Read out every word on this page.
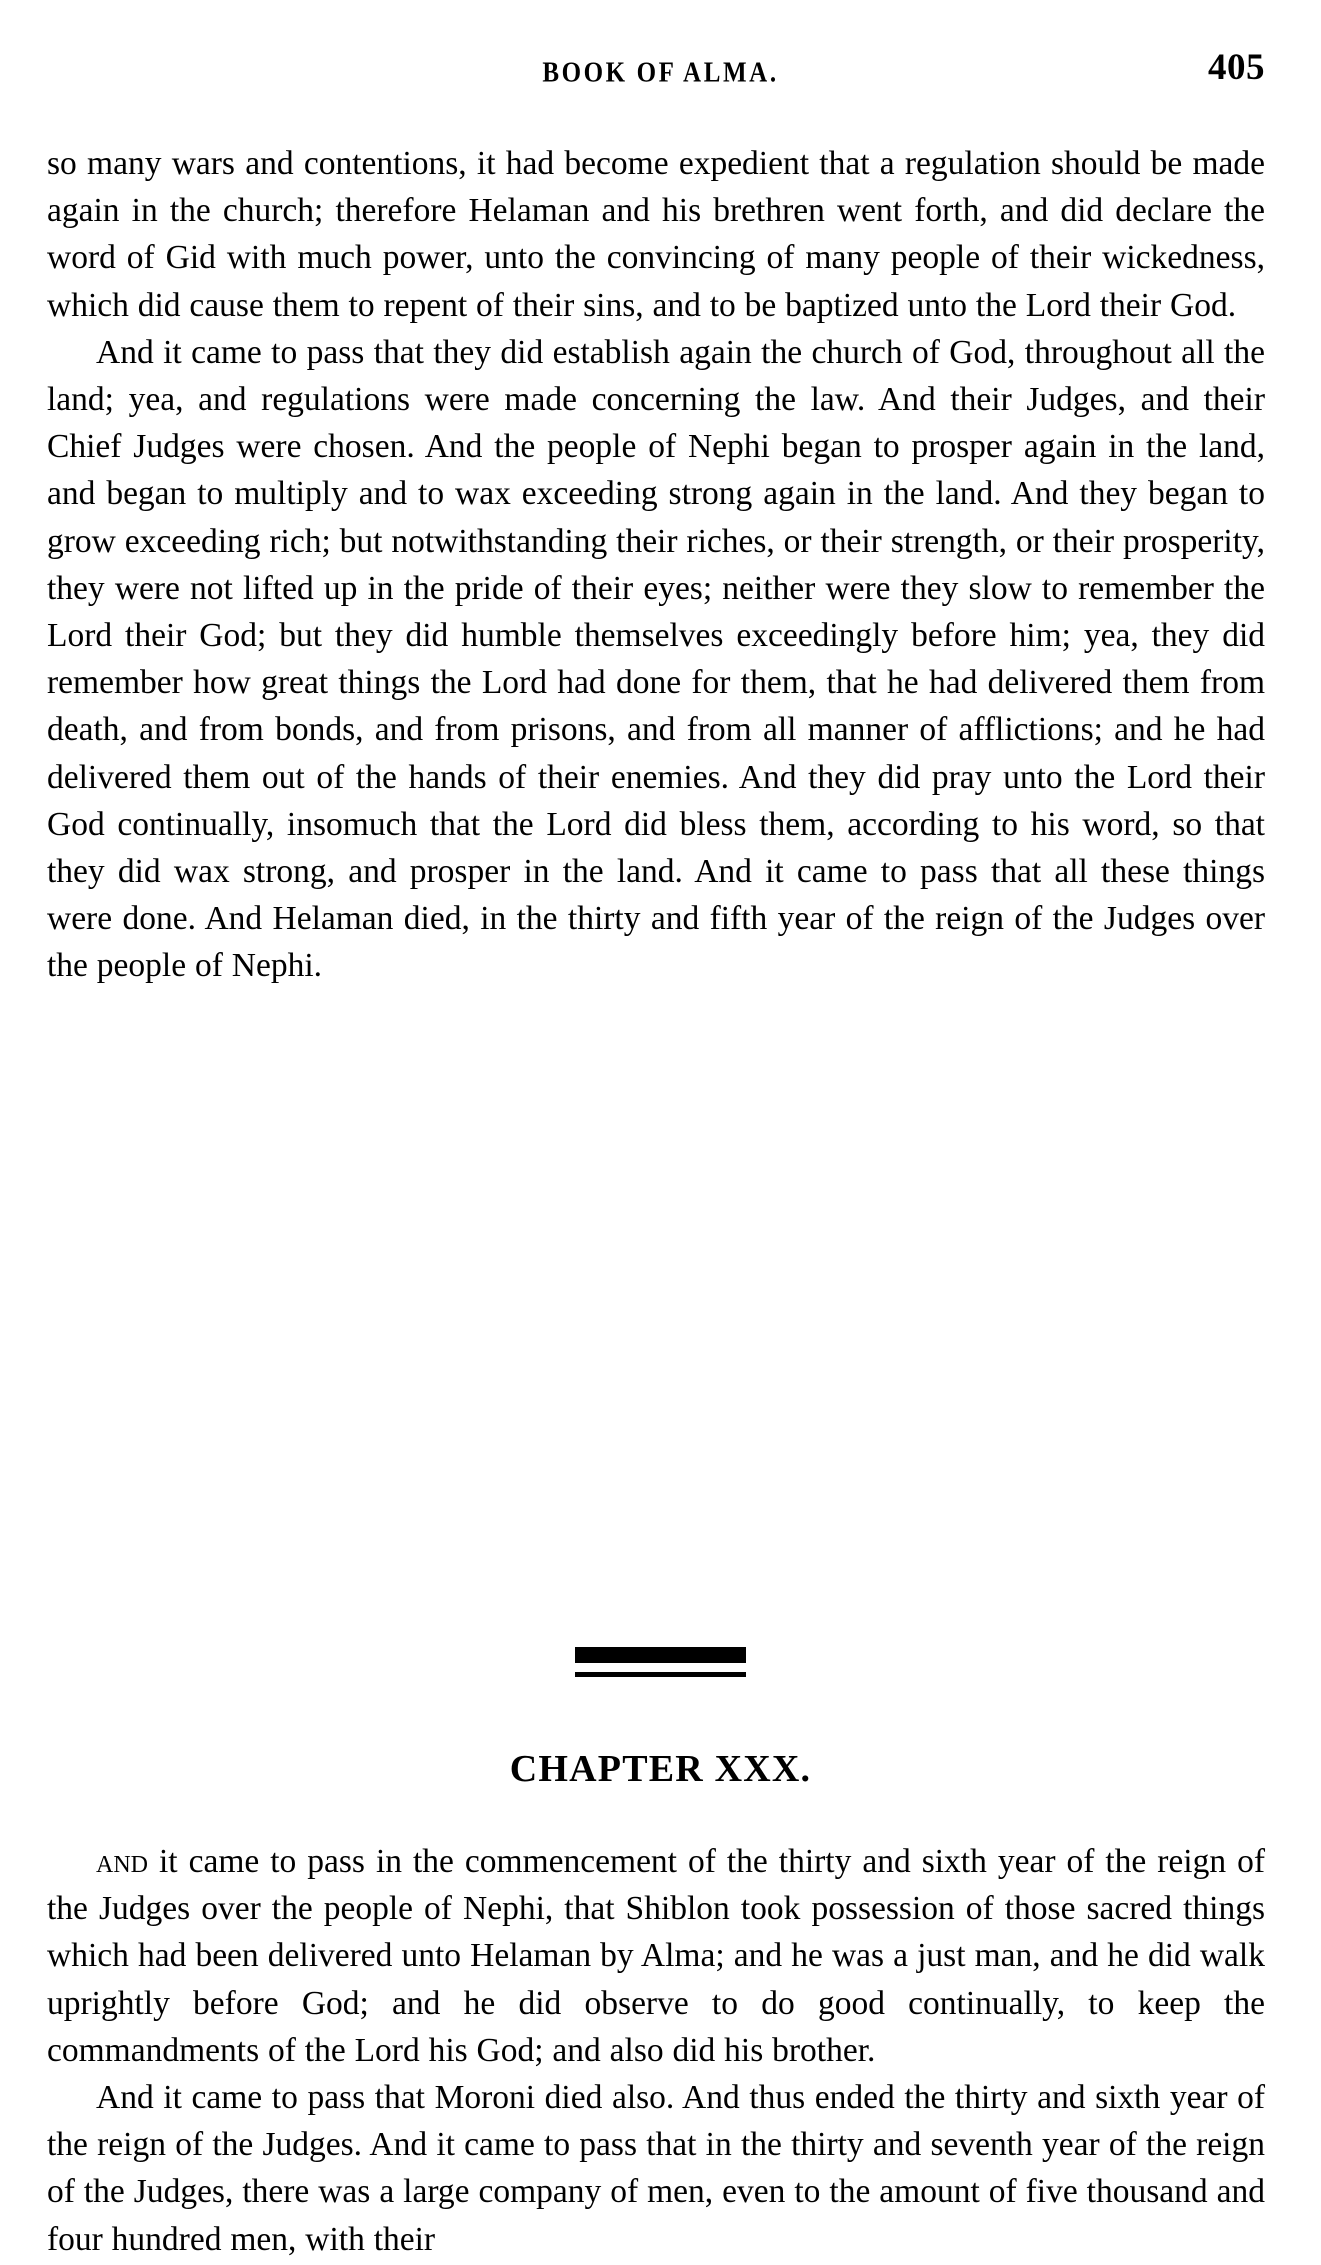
BOOK OF ALMA.	405

so many wars and contentions, it had become expedient that a regulation should be made again in the church; therefore Helaman and his brethren went forth, and did declare the word of Gid with much power, unto the convincing of many people of their wickedness, which did cause them to repent of their sins, and to be baptized unto the Lord their God.

And it came to pass that they did establish again the church of God, throughout all the land; yea, and regulations were made concerning the law. And their Judges, and their Chief Judges were chosen. And the people of Nephi began to prosper again in the land, and began to multiply and to wax exceeding strong again in the land. And they began to grow exceeding rich; but notwithstanding their riches, or their strength, or their prosperity, they were not lifted up in the pride of their eyes; neither were they slow to remember the Lord their God; but they did humble themselves exceedingly before him; yea, they did remember how great things the Lord had done for them, that he had delivered them from death, and from bonds, and from prisons, and from all manner of afflictions; and he had delivered them out of the hands of their enemies. And they did pray unto the Lord their God continually, insomuch that the Lord did bless them, according to his word, so that they did wax strong, and prosper in the land. And it came to pass that all these things were done. And Helaman died, in the thirty and fifth year of the reign of the Judges over the people of Nephi.

CHAPTER XXX.

and it came to pass in the commencement of the thirty and sixth year of the reign of the Judges over the people of Nephi, that Shiblon took possession of those sacred things which had been delivered unto Helaman by Alma; and he was a just man, and he did walk uprightly before God; and he did observe to do good continually, to keep the commandments of the Lord his God; and also did his brother.

And it came to pass that Moroni died also. And thus ended the thirty and sixth year of the reign of the Judges. And it came to pass that in the thirty and seventh year of the reign of the Judges, there was a large company of men, even to the amount of five thousand and four hundred men, with their
